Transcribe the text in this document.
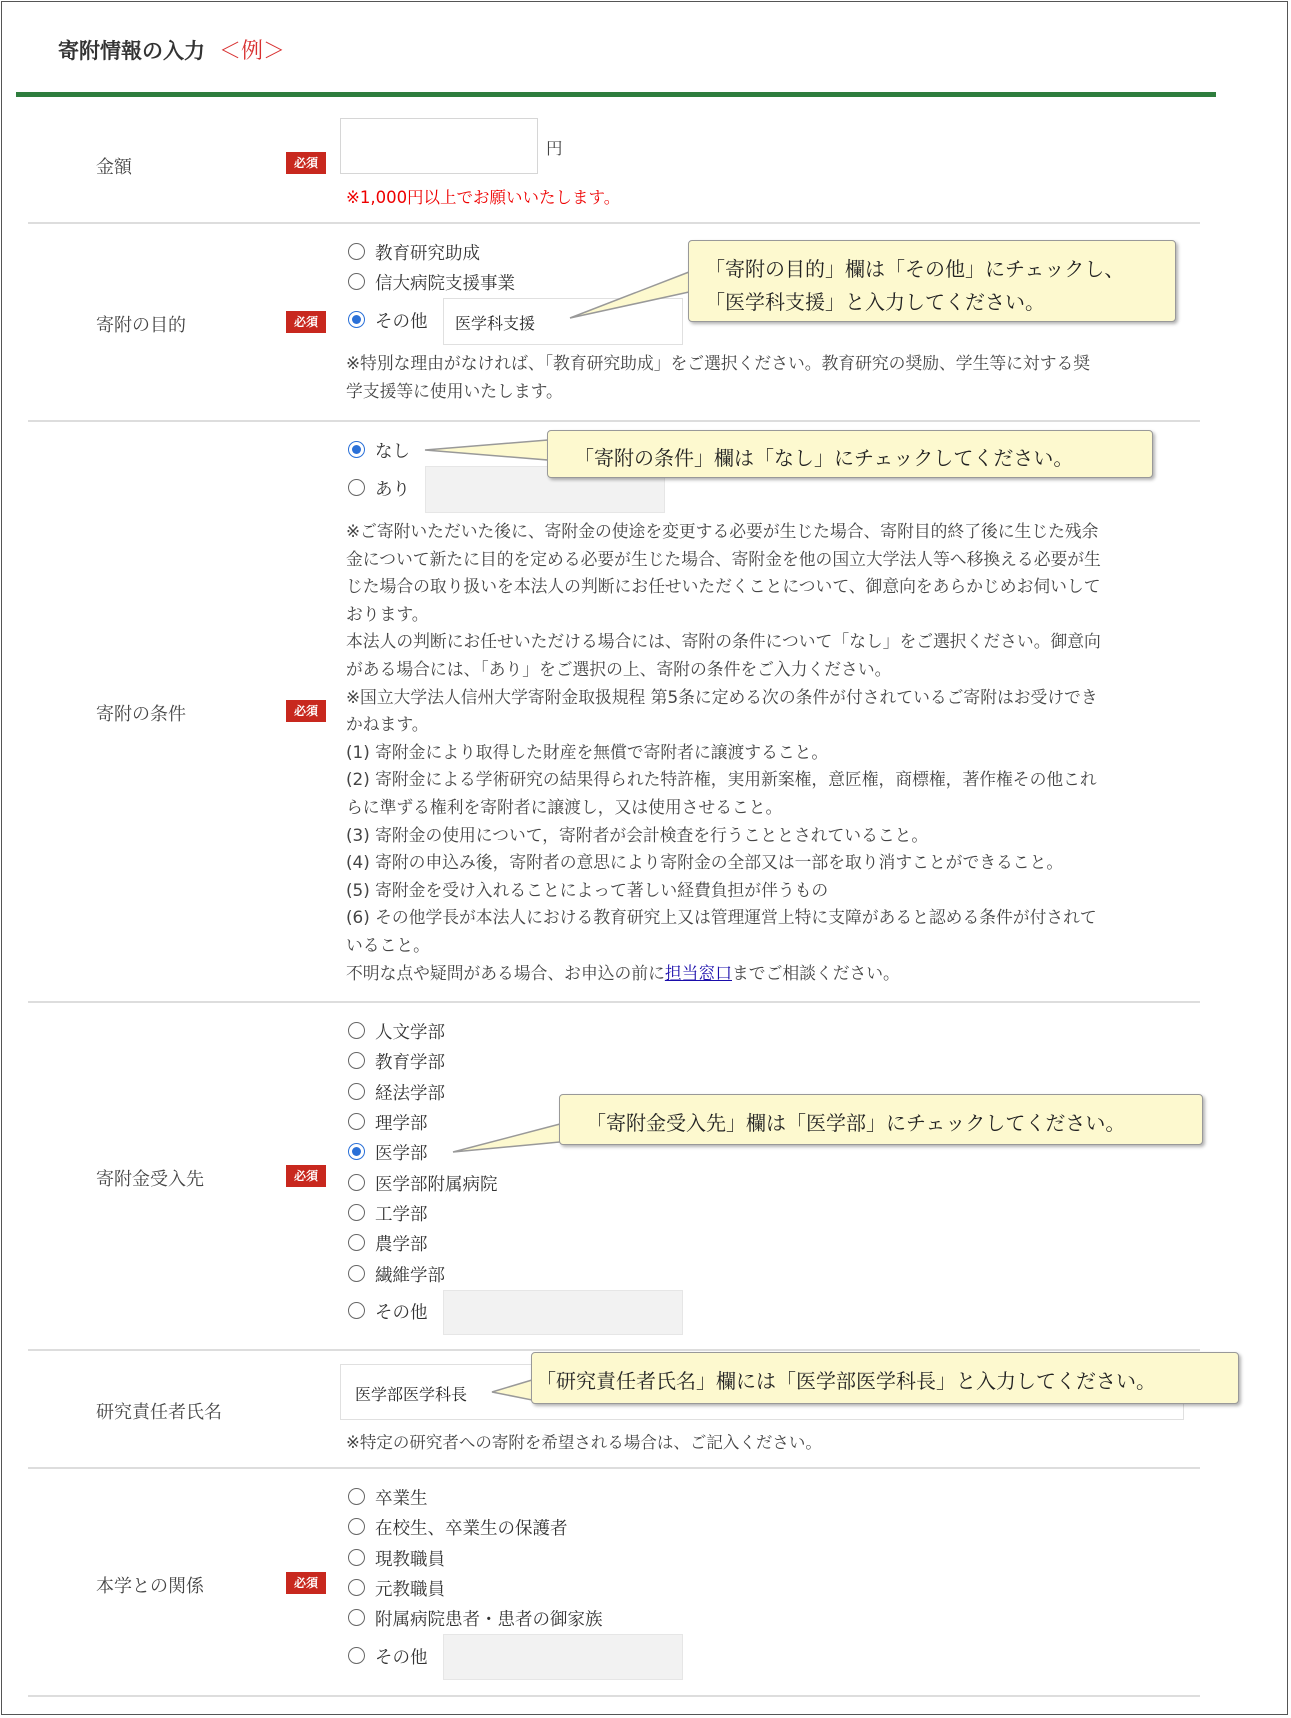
寄附情報の入力 ＜例＞
金額	必須
円
※1,000円以上でお願いいたします。
寄附の目的	必須
教育研究助成
信大病院支援事業
その他 医学科支援
※特別な理由がなければ、「教育研究助成」をご選択ください。教育研究の奨励、学生等に対する奨
学支援等に使用いたします。
寄附の条件	必須
なし
あり
※ご寄附いただいた後に、寄附金の使途を変更する必要が生じた場合、寄附目的終了後に生じた残余
金について新たに目的を定める必要が生じた場合、寄附金を他の国立大学法人等へ移換える必要が生
じた場合の取り扱いを本法人の判断にお任せいただくことについて、御意向をあらかじめお伺いして
おります。
本法人の判断にお任せいただける場合には、寄附の条件について「なし」をご選択ください。御意向
がある場合には、「あり」をご選択の上、寄附の条件をご入力ください。
※国立大学法人信州大学寄附金取扱規程 第5条に定める次の条件が付されているご寄附はお受けでき
かねます。
(1) 寄附金により取得した財産を無償で寄附者に譲渡すること。
(2) 寄附金による学術研究の結果得られた特許権，実用新案権，意匠権，商標権，著作権その他これ
らに準ずる権利を寄附者に譲渡し，又は使用させること。
(3) 寄附金の使用について，寄附者が会計検査を行うこととされていること。
(4) 寄附の申込み後，寄附者の意思により寄附金の全部又は一部を取り消すことができること。
(5) 寄附金を受け入れることによって著しい経費負担が伴うもの
(6) その他学長が本法人における教育研究上又は管理運営上特に支障があると認める条件が付されて
いること。
不明な点や疑問がある場合、お申込の前に担当窓口までご相談ください。
寄附金受入先	必須
人文学部
教育学部
経法学部
理学部
医学部
医学部附属病院
工学部
農学部
繊維学部
その他
研究責任者氏名
医学部医学科長
※特定の研究者への寄附を希望される場合は、ご記入ください。
本学との関係	必須
卒業生
在校生、卒業生の保護者
現教職員
元教職員
附属病院患者・患者の御家族
その他
「寄附の目的」欄は「その他」にチェックし、
「医学科支援」と入力してください。
「寄附の条件」欄は「なし」にチェックしてください。
「寄附金受入先」欄は「医学部」にチェックしてください。
「研究責任者氏名」欄には「医学部医学科長」と入力してください。
